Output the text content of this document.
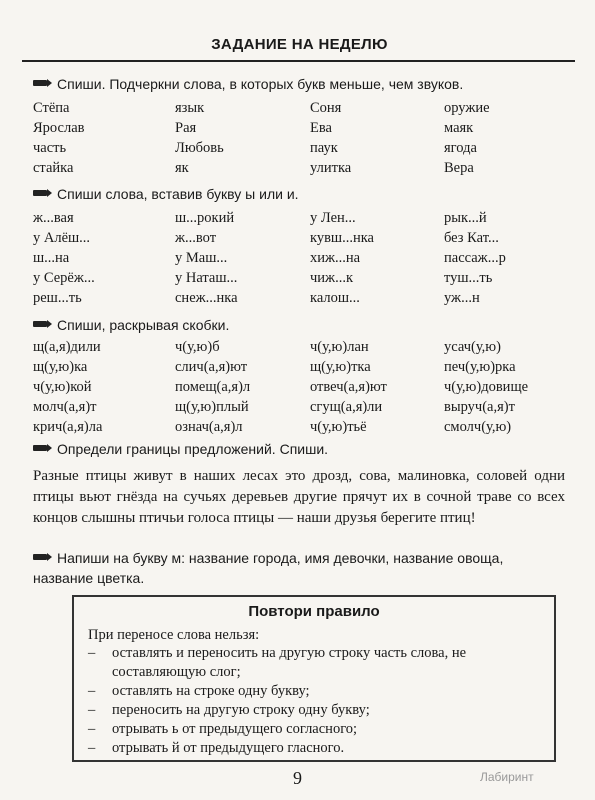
ЗАДАНИЕ НА НЕДЕЛЮ
Спиши. Подчеркни слова, в которых букв меньше, чем звуков.
Стёпа	язык	Соня	оружие
Ярослав	Рая	Ева	маяк
часть	Любовь	паук	ягода
стайка	як	улитка	Вера
Спиши слова, вставив букву ы или и.
ж...вая	ш...рокий	у Лен...	рык...й
у Алёш...	ж...вот	кувш...нка	без Кат...
ш...на	у Маш...	хиж...на	пассаж...р
у Серёж...	у Наташ...	чиж...к	туш...ть
реш...ть	снеж...нка	калош...	уж...н
Спиши, раскрывая скобки.
щ(а,я)дили	ч(у,ю)б	ч(у,ю)лан	усач(у,ю)
щ(у,ю)ка	слич(а,я)ют	щ(у,ю)тка	печ(у,ю)рка
ч(у,ю)кой	помещ(а,я)л	отвеч(а,я)ют	ч(у,ю)довище
молч(а,я)т	щ(у,ю)плый	сгущ(а,я)ли	выруч(а,я)т
крич(а,я)ла	означ(а,я)л	ч(у,ю)тьё	смолч(у,ю)
Определи границы предложений. Спиши.
Разные птицы живут в наших лесах это дрозд, сова, малиновка, соловей одни птицы вьют гнёзда на сучьях деревьев другие прячут их в сочной траве со всех концов слышны птичьи голоса птицы — наши друзья берегите птиц!
Напиши на букву м: название города, имя девочки, название овоща, название цветка.
Повтори правило
При переносе слова нельзя:
– оставлять и переносить на другую строку часть слова, не составляющую слог;
– оставлять на строке одну букву;
– переносить на другую строку одну букву;
– отрывать ь от предыдущего согласного;
– отрывать й от предыдущего гласного.
9	Лабиринт
